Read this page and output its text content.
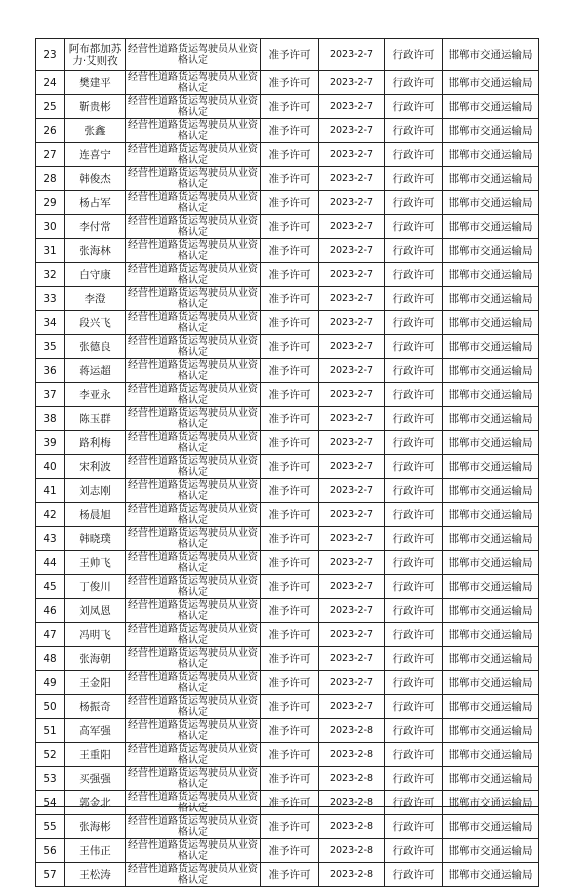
23	阿布都加苏力·艾则孜	经营性道路货运驾驶员从业资格认定	准予许可	2023-2-7	行政许可	邯郸市交通运输局
24	樊建平	经营性道路货运驾驶员从业资格认定	准予许可	2023-2-7	行政许可	邯郸市交通运输局
25	靳贵彬	经营性道路货运驾驶员从业资格认定	准予许可	2023-2-7	行政许可	邯郸市交通运输局
26	张鑫	经营性道路货运驾驶员从业资格认定	准予许可	2023-2-7	行政许可	邯郸市交通运输局
27	连喜宁	经营性道路货运驾驶员从业资格认定	准予许可	2023-2-7	行政许可	邯郸市交通运输局
28	韩俊杰	经营性道路货运驾驶员从业资格认定	准予许可	2023-2-7	行政许可	邯郸市交通运输局
29	杨占军	经营性道路货运驾驶员从业资格认定	准予许可	2023-2-7	行政许可	邯郸市交通运输局
30	李付常	经营性道路货运驾驶员从业资格认定	准予许可	2023-2-7	行政许可	邯郸市交通运输局
31	张海林	经营性道路货运驾驶员从业资格认定	准予许可	2023-2-7	行政许可	邯郸市交通运输局
32	白守康	经营性道路货运驾驶员从业资格认定	准予许可	2023-2-7	行政许可	邯郸市交通运输局
33	李澄	经营性道路货运驾驶员从业资格认定	准予许可	2023-2-7	行政许可	邯郸市交通运输局
34	段兴飞	经营性道路货运驾驶员从业资格认定	准予许可	2023-2-7	行政许可	邯郸市交通运输局
35	张德良	经营性道路货运驾驶员从业资格认定	准予许可	2023-2-7	行政许可	邯郸市交通运输局
36	蒋运超	经营性道路货运驾驶员从业资格认定	准予许可	2023-2-7	行政许可	邯郸市交通运输局
37	李亚永	经营性道路货运驾驶员从业资格认定	准予许可	2023-2-7	行政许可	邯郸市交通运输局
38	陈玉群	经营性道路货运驾驶员从业资格认定	准予许可	2023-2-7	行政许可	邯郸市交通运输局
39	路利梅	经营性道路货运驾驶员从业资格认定	准予许可	2023-2-7	行政许可	邯郸市交通运输局
40	宋利波	经营性道路货运驾驶员从业资格认定	准予许可	2023-2-7	行政许可	邯郸市交通运输局
41	刘志刚	经营性道路货运驾驶员从业资格认定	准予许可	2023-2-7	行政许可	邯郸市交通运输局
42	杨晨旭	经营性道路货运驾驶员从业资格认定	准予许可	2023-2-7	行政许可	邯郸市交通运输局
43	韩晓璞	经营性道路货运驾驶员从业资格认定	准予许可	2023-2-7	行政许可	邯郸市交通运输局
44	王帅飞	经营性道路货运驾驶员从业资格认定	准予许可	2023-2-7	行政许可	邯郸市交通运输局
45	丁俊川	经营性道路货运驾驶员从业资格认定	准予许可	2023-2-7	行政许可	邯郸市交通运输局
46	刘凤恩	经营性道路货运驾驶员从业资格认定	准予许可	2023-2-7	行政许可	邯郸市交通运输局
47	冯明飞	经营性道路货运驾驶员从业资格认定	准予许可	2023-2-7	行政许可	邯郸市交通运输局
48	张海朝	经营性道路货运驾驶员从业资格认定	准予许可	2023-2-7	行政许可	邯郸市交通运输局
49	王金阳	经营性道路货运驾驶员从业资格认定	准予许可	2023-2-7	行政许可	邯郸市交通运输局
50	杨振奇	经营性道路货运驾驶员从业资格认定	准予许可	2023-2-7	行政许可	邯郸市交通运输局
51	高军强	经营性道路货运驾驶员从业资格认定	准予许可	2023-2-8	行政许可	邯郸市交通运输局
52	王重阳	经营性道路货运驾驶员从业资格认定	准予许可	2023-2-8	行政许可	邯郸市交通运输局
53	买强强	经营性道路货运驾驶员从业资格认定	准予许可	2023-2-8	行政许可	邯郸市交通运输局
54	郭金北	经营性道路货运驾驶员从业资格认定	准予许可	2023-2-8	行政许可	邯郸市交通运输局
55	张海彬	经营性道路货运驾驶员从业资格认定	准予许可	2023-2-8	行政许可	邯郸市交通运输局
56	王伟正	经营性道路货运驾驶员从业资格认定	准予许可	2023-2-8	行政许可	邯郸市交通运输局
57	王松涛	经营性道路货运驾驶员从业资格认定	准予许可	2023-2-8	行政许可	邯郸市交通运输局
